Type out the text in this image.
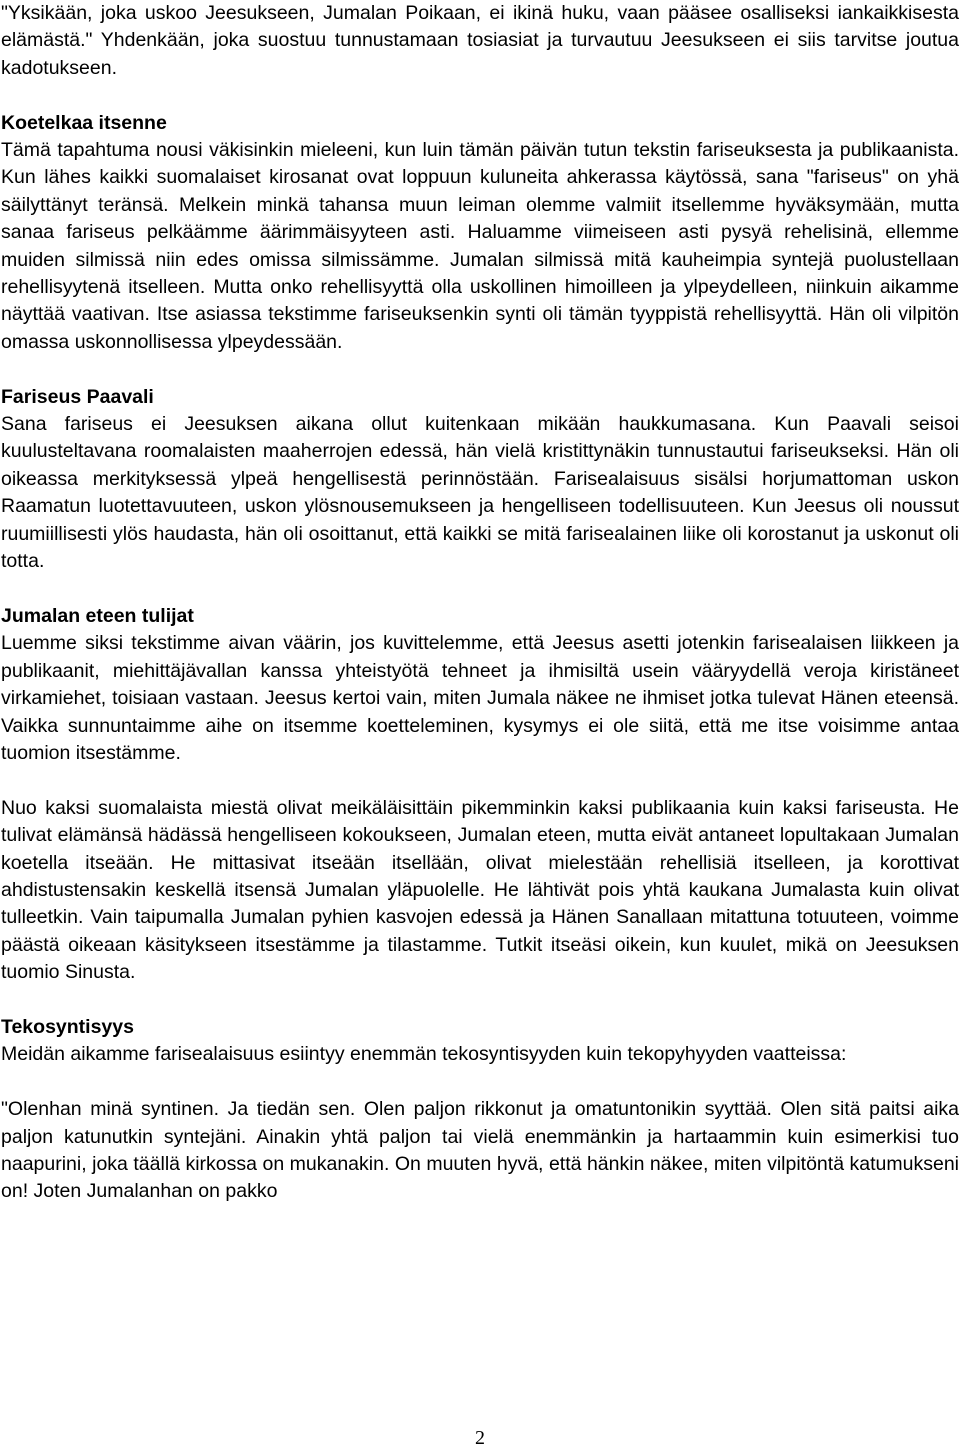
"Yksikään, joka uskoo Jeesukseen, Jumalan Poikaan, ei ikinä huku, vaan pääsee osalliseksi iankaikkisesta elämästä." Yhdenkään, joka suostuu tunnustamaan tosiasiat ja turvautuu Jeesukseen ei siis tarvitse joutua kadotukseen.

Koetelkaa itsenne

Tämä tapahtuma nousi väkisinkin mieleeni, kun luin tämän päivän tutun tekstin fariseuksesta ja publikaanista. Kun lähes kaikki suomalaiset kirosanat ovat loppuun kuluneita ahkerassa käytössä, sana "fariseus" on yhä säilyttänyt teränsä. Melkein minkä tahansa muun leiman olemme valmiit itsellemme hyväksymään, mutta sanaa fariseus pelkäämme äärimmäisyyteen asti. Haluamme viimeiseen asti pysyä rehelisinä, ellemme muiden silmissä niin edes omissa silmissämme. Jumalan silmissä mitä kauheimpia syntejä puolustellaan rehellisyytenä itselleen. Mutta onko rehellisyyttä olla uskollinen himoilleen ja ylpeydelleen, niinkuin aikamme näyttää vaativan. Itse asiassa tekstimme fariseuksenkin synti oli tämän tyyppistä rehellisyyttä. Hän oli vilpitön omassa uskonnollisessa ylpeydessään.

Fariseus Paavali

Sana fariseus ei Jeesuksen aikana ollut kuitenkaan mikään haukkumasana. Kun Paavali seisoi kuulusteltavana roomalaisten maaherrojen edessä, hän vielä kristittynäkin tunnustautui fariseukseksi. Hän oli oikeassa merkityksessä ylpeä hengellisestä perinnöstään. Farisealaisuus sisälsi horjumattoman uskon Raamatun luotettavuuteen, uskon ylösnousemukseen ja hengelliseen todellisuuteen. Kun Jeesus oli noussut ruumiillisesti ylös haudasta, hän oli osoittanut, että kaikki se mitä farisealainen liike oli korostanut ja uskonut oli totta.

Jumalan eteen tulijat

Luemme siksi tekstimme aivan väärin, jos kuvittelemme, että Jeesus asetti jotenkin farisealaisen liikkeen ja publikaanit, miehittäjävallan kanssa yhteistyötä tehneet ja ihmisiltä usein vääryydellä veroja kiristäneet virkamiehet, toisiaan vastaan. Jeesus kertoi vain, miten Jumala näkee ne ihmiset jotka tulevat Hänen eteensä. Vaikka sunnuntaimme aihe on itsemme koetteleminen, kysymys ei ole siitä, että me itse voisimme antaa tuomion itsestämme.

Nuo kaksi suomalaista miestä olivat meikäläisittäin pikemminkin kaksi publikaania kuin kaksi fariseusta. He tulivat elämänsä hädässä hengelliseen kokoukseen, Jumalan eteen, mutta eivät antaneet lopultakaan Jumalan koetella itseään. He mittasivat itseään itsellään, olivat mielestään rehellisiä itselleen, ja korottivat ahdistustensakin keskellä itsensä Jumalan yläpuolelle. He lähtivät pois yhtä kaukana Jumalasta kuin olivat tulleetkin. Vain taipumalla Jumalan pyhien kasvojen edessä ja Hänen Sanallaan mitattuna totuuteen, voimme päästä oikeaan käsitykseen itsestämme ja tilastamme. Tutkit itseäsi oikein, kun kuulet, mikä on Jeesuksen tuomio Sinusta.

Tekosyntisyys

Meidän aikamme farisealaisuus esiintyy enemmän tekosyntisyyden kuin tekopyhyyden vaatteissa:

"Olenhan minä syntinen. Ja tiedän sen. Olen paljon rikkonut ja omatuntonikin syyttää. Olen sitä paitsi aika paljon katunutkin syntejäni. Ainakin yhtä paljon tai vielä enemmänkin ja hartaammin kuin esimerkisi tuo naapurini, joka täällä kirkossa on mukanakin. On muuten hyvä, että hänkin näkee, miten vilpitöntä katumukseni on! Joten Jumalanhan on pakko

2
